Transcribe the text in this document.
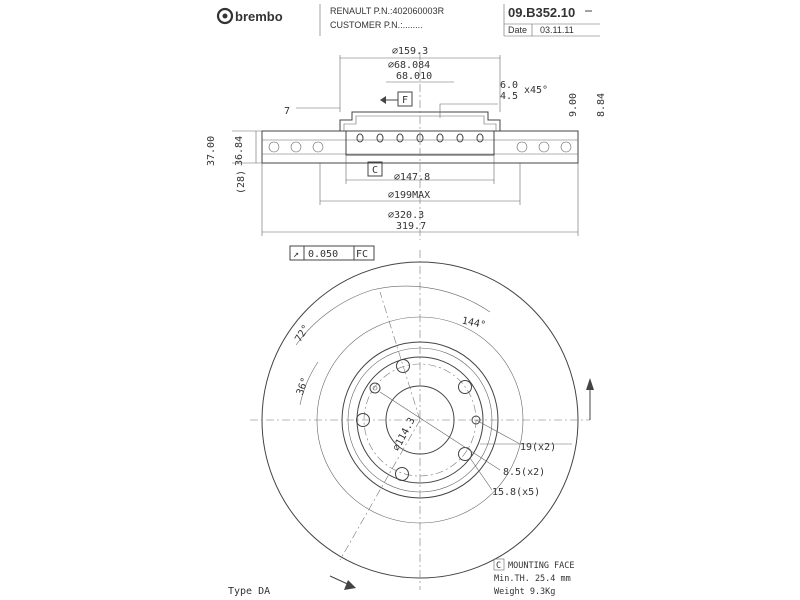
brembo	RENAULT P.N.:402060003R
CUSTOMER P.N.:........
09.B352.10
Date 03.11.11
⌀159.3
⌀68.084
68.010
F
6.0
4.5
x45°
9.00 8.84
7
37.00 36.84
(28)	C
⌀147.8
⌀199MAX
⌀320.3
319.7
↗ 0.050 FC
72°	144°
36°
⌀114.3	19(x2)
8.5(x2)
15.8(x5)
Type DA
C MOUNTING FACE
Min.TH. 25.4 mm
Weight 9.3Kg
